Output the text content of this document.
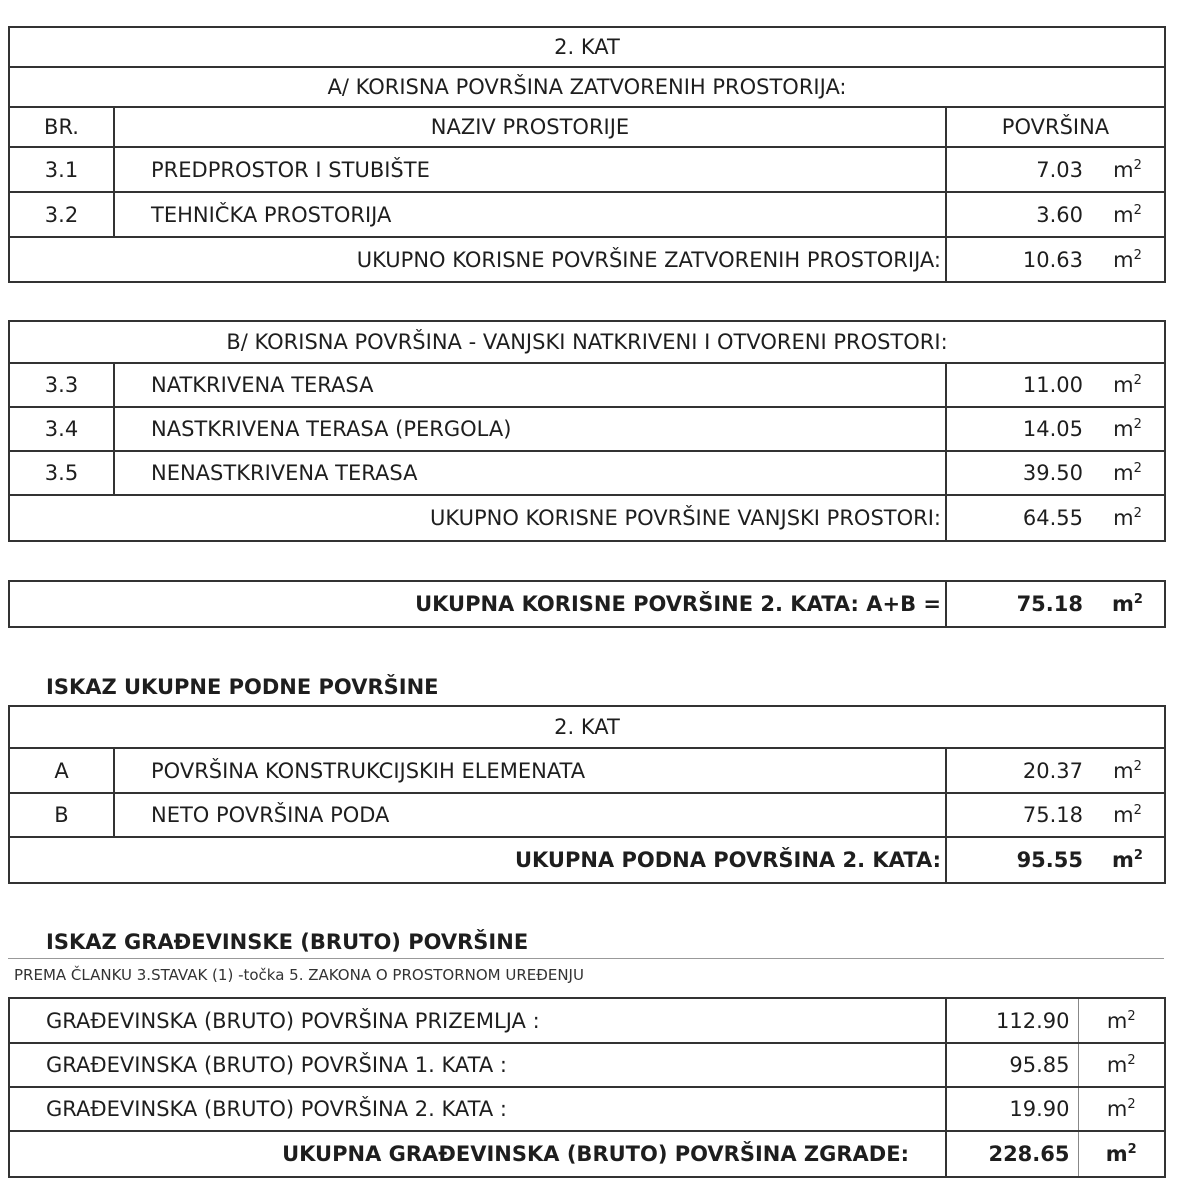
2. KAT			
A/ KORISNA POVRŠINA ZATVORENIH PROSTORIJA:			
BR.	NAZIV PROSTORIJE	POVRŠINA	
3.1	PREDPROSTOR I STUBIŠTE	7.03	$m^2$
3.2	TEHNIČKA PROSTORIJA	3.60	$m^2$
UKUPNO KORISNE POVRŠINE ZATVORENIH PROSTORIJA:		10.63	$m^2$
B/ KORISNA POVRŠINA - VANJSKI NATKRIVENI I OTVORENI PROSTORI:			
3.3	NATKRIVENA TERASA	11.00	$m^2$
3.4	NASTKRIVENA TERASA (PERGOLA)	14.05	$m^2$
3.5	NENASTKRIVENA TERASA	39.50	$m^2$
UKUPNO KORISNE POVRŠINE VANJSKI PROSTORI:		64.55	$m^2$
UKUPNA KORISNE POVRŠINE 2. KATA: A+B =	75.18	$m^2$
ISKAZ UKUPNE PODNE POVRŠINE
2. KAT			
A	POVRŠINA KONSTRUKCIJSKIH ELEMENATA	20.37	$m^2$
B	NETO POVRŠINA PODA	75.18	$m^2$
UKUPNA PODNA POVRŠINA 2. KATA:		95.55	$m^2$
ISKAZ GRAĐEVINSKE (BRUTO) POVRŠINE
PREMA ČLANKU 3.STAVAK (1) -točka 5. ZAKONA O PROSTORNOM UREĐENJU
GRAĐEVINSKA (BRUTO) POVRŠINA PRIZEMLJA :	112.90	$m^2$
GRAĐEVINSKA (BRUTO) POVRŠINA 1. KATA :	95.85	$m^2$
GRAĐEVINSKA (BRUTO) POVRŠINA 2. KATA :	19.90	$m^2$
UKUPNA GRAĐEVINSKA (BRUTO) POVRŠINA ZGRADE:	228.65	$m^2$
